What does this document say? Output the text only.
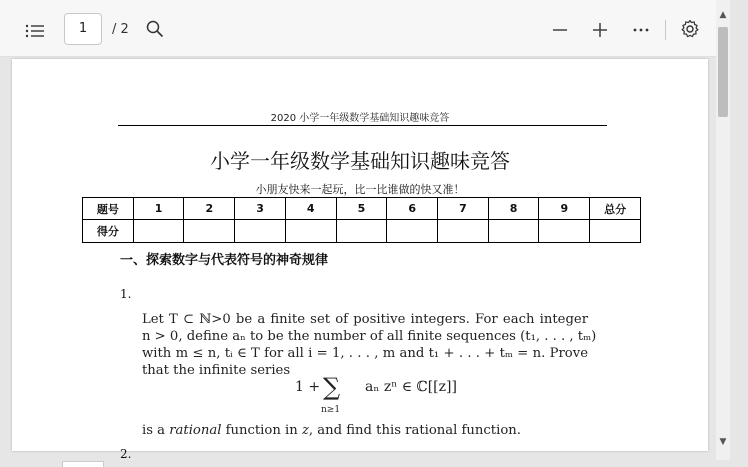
1
/ 2
▲
▼
2020 小学一年级数学基础知识趣味竞答
小学一年级数学基础知识趣味竞答
小朋友快来一起玩，比一比谁做的快又准！
题号	1	2	3	4	5	6	7	8	9	总分
得分										
一、探索数字与代表符号的神奇规律
1.
Let T ⊂ ℕ>0 be a finite set of positive integers. For each integer
n > 0, define aₙ to be the number of all finite sequences (t₁, . . . , tₘ)
with m ≤ n, tᵢ ∈ T for all i = 1, . . . , m and t₁ + . . . + tₘ = n. Prove
that the infinite series
1 +	aₙ zⁿ ∈ ℂ[[z]]
∑
n≥1
is a rational function in z, and find this rational function.
2.
